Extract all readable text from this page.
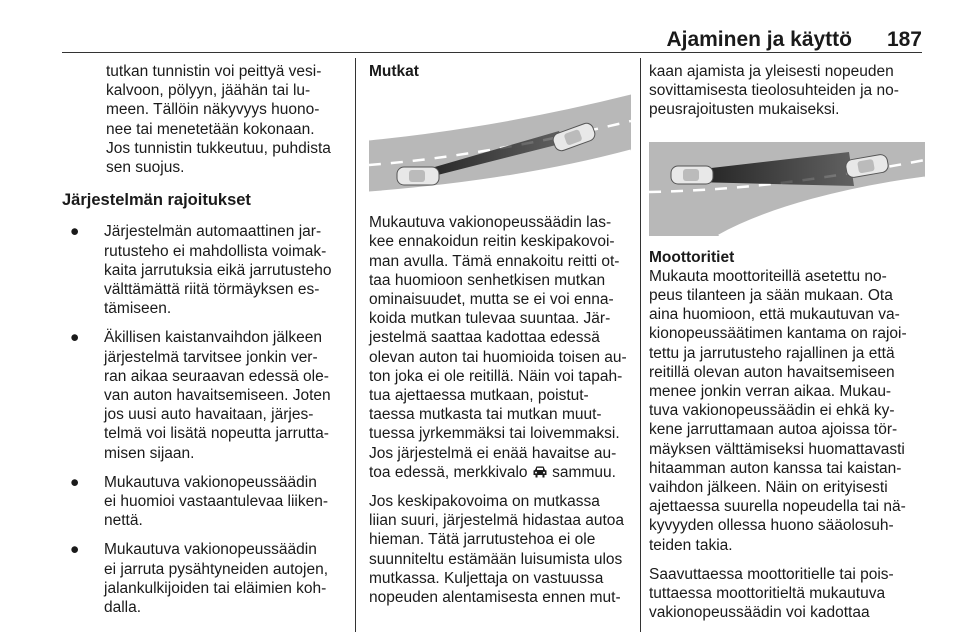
Ajaminen ja käyttö 187

tutkan tunnistin voi peittyä vesi-
kalvoon, pölyyn, jäähän tai lu-
meen. Tällöin näkyvyys huono-
nee tai menetetään kokonaan.
Jos tunnistin tukkeutuu, puhdista
sen suojus.

Järjestelmän rajoitukset
● Järjestelmän automaattinen jar-
rutusteho ei mahdollista voimak-
kaita jarrutuksia eikä jarrutusteho
välttämättä riitä törmäyksen es-
tämiseen.
● Äkillisen kaistanvaihdon jälkeen
järjestelmä tarvitsee jonkin ver-
ran aikaa seuraavan edessä ole-
van auton havaitsemiseen. Joten
jos uusi auto havaitaan, järjes-
telmä voi lisätä nopeutta jarrutta-
misen sijaan.
● Mukautuva vakionopeussäädin
ei huomioi vastaantulevaa liiken-
nettä.
● Mukautuva vakionopeussäädin
ei jarruta pysähtyneiden autojen,
jalankulkijoiden tai eläimien koh-
dalla.
Mutkat

Mukautuva vakionopeussäädin las-
kee ennakoidun reitin keskipakovoi-
man avulla. Tämä ennakoitu reitti ot-
taa huomioon senhetkisen mutkan
ominaisuudet, mutta se ei voi enna-
koida mutkan tulevaa suuntaa. Jär-
jestelmä saattaa kadottaa edessä
olevan auton tai huomioida toisen au-
ton joka ei ole reitillä. Näin voi tapah-
tua ajettaessa mutkaan, poistut-
taessa mutkasta tai mutkan muut-
tuessa jyrkemmäksi tai loivemmaksi.
Jos järjestelmä ei enää havaitse au-
toa edessä, merkkivalo sammuu.

Jos keskipakovoima on mutkassa
liian suuri, järjestelmä hidastaa autoa
hieman. Tätä jarrutustehoa ei ole
suunniteltu estämään luisumista ulos
mutkassa. Kuljettaja on vastuussa
nopeuden alentamisesta ennen mut-

kaan ajamista ja yleisesti nopeuden
sovittamisesta tieolosuhteiden ja no-
peusrajoitusten mukaiseksi.

Moottoritiet

Mukauta moottoriteillä asetettu no-
peus tilanteen ja sään mukaan. Ota
aina huomioon, että mukautuvan va-
kionopeussäätimen kantama on rajoi-
tettu ja jarrutusteho rajallinen ja että
reitillä olevan auton havaitsemiseen
menee jonkin verran aikaa. Mukau-
tuva vakionopeussäädin ei ehkä ky-
kene jarruttamaan autoa ajoissa tör-
mäyksen välttämiseksi huomattavasti
hitaamman auton kanssa tai kaistan-
vaihdon jälkeen. Näin on erityisesti
ajettaessa suurella nopeudella tai nä-
kyvyyden ollessa huono sääolosuh-
teiden takia.

Saavuttaessa moottoritielle tai pois-
tuttaessa moottoritieltä mukautuva
vakionopeussäädin voi kadottaa
